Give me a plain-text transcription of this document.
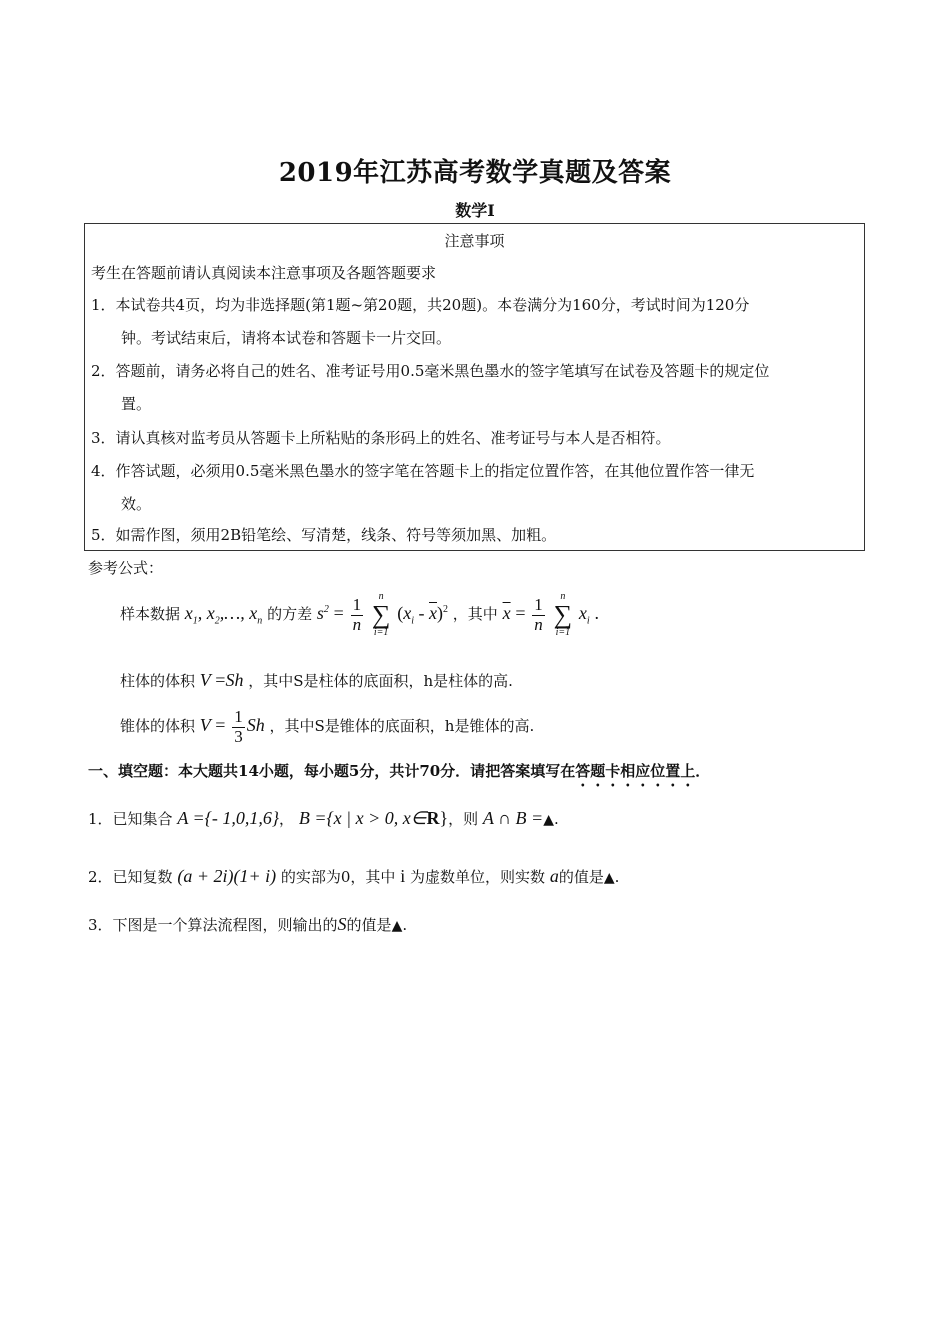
2019年江苏高考数学真题及答案
数学Ⅰ
注意事项
考生在答题前请认真阅读本注意事项及各题答题要求
1．本试卷共4页，均为非选择题(第1题~第20题，共20题)。本卷满分为160分，考试时间为120分
钟。考试结束后，请将本试卷和答题卡一片交回。
2．答题前，请务必将自己的姓名、准考证号用0.5毫米黑色墨水的签字笔填写在试卷及答题卡的规定位
置。
3．请认真核对监考员从答题卡上所粘贴的条形码上的姓名、准考证号与本人是否相符。
4．作答试题，必须用0.5毫米黑色墨水的签字笔在答题卡上的指定位置作答，在其他位置作答一律无
效。
5．如需作图，须用2B铅笔绘、写清楚，线条、符号等须加黑、加粗。
参考公式：
样本数据 $x_1$, $x_2,\dots$, $x_n$ 的方差 $s^2 = \frac{1}{n}$
	n
∑
i=1
$(x_i - \overline{x})^2$ ，其中 $\overline{x} = \frac{1}{n}$
	n
∑
i=1
$x_i$ .
柱体的体积 V =Sh ，其中S是柱体的底面积，h是柱体的高.
锥体的体积 $V = \frac{1}{3}$ Sh ，其中S是锥体的底面积，h是锥体的高.
一、填空题：本大题共14小题，每小题5分，共计70分．请把答案填写在答题卡相应位置上．
1．已知集合 A ={- 1,0,1,6}， B ={x | x > 0, x∈R}，则 A ∩ B =▲.
2．已知复数 (a + 2i)(1+ i) 的实部为0，其中 i 为虚数单位，则实数 a的值是▲.
3．下图是一个算法流程图，则输出的S的值是▲.
